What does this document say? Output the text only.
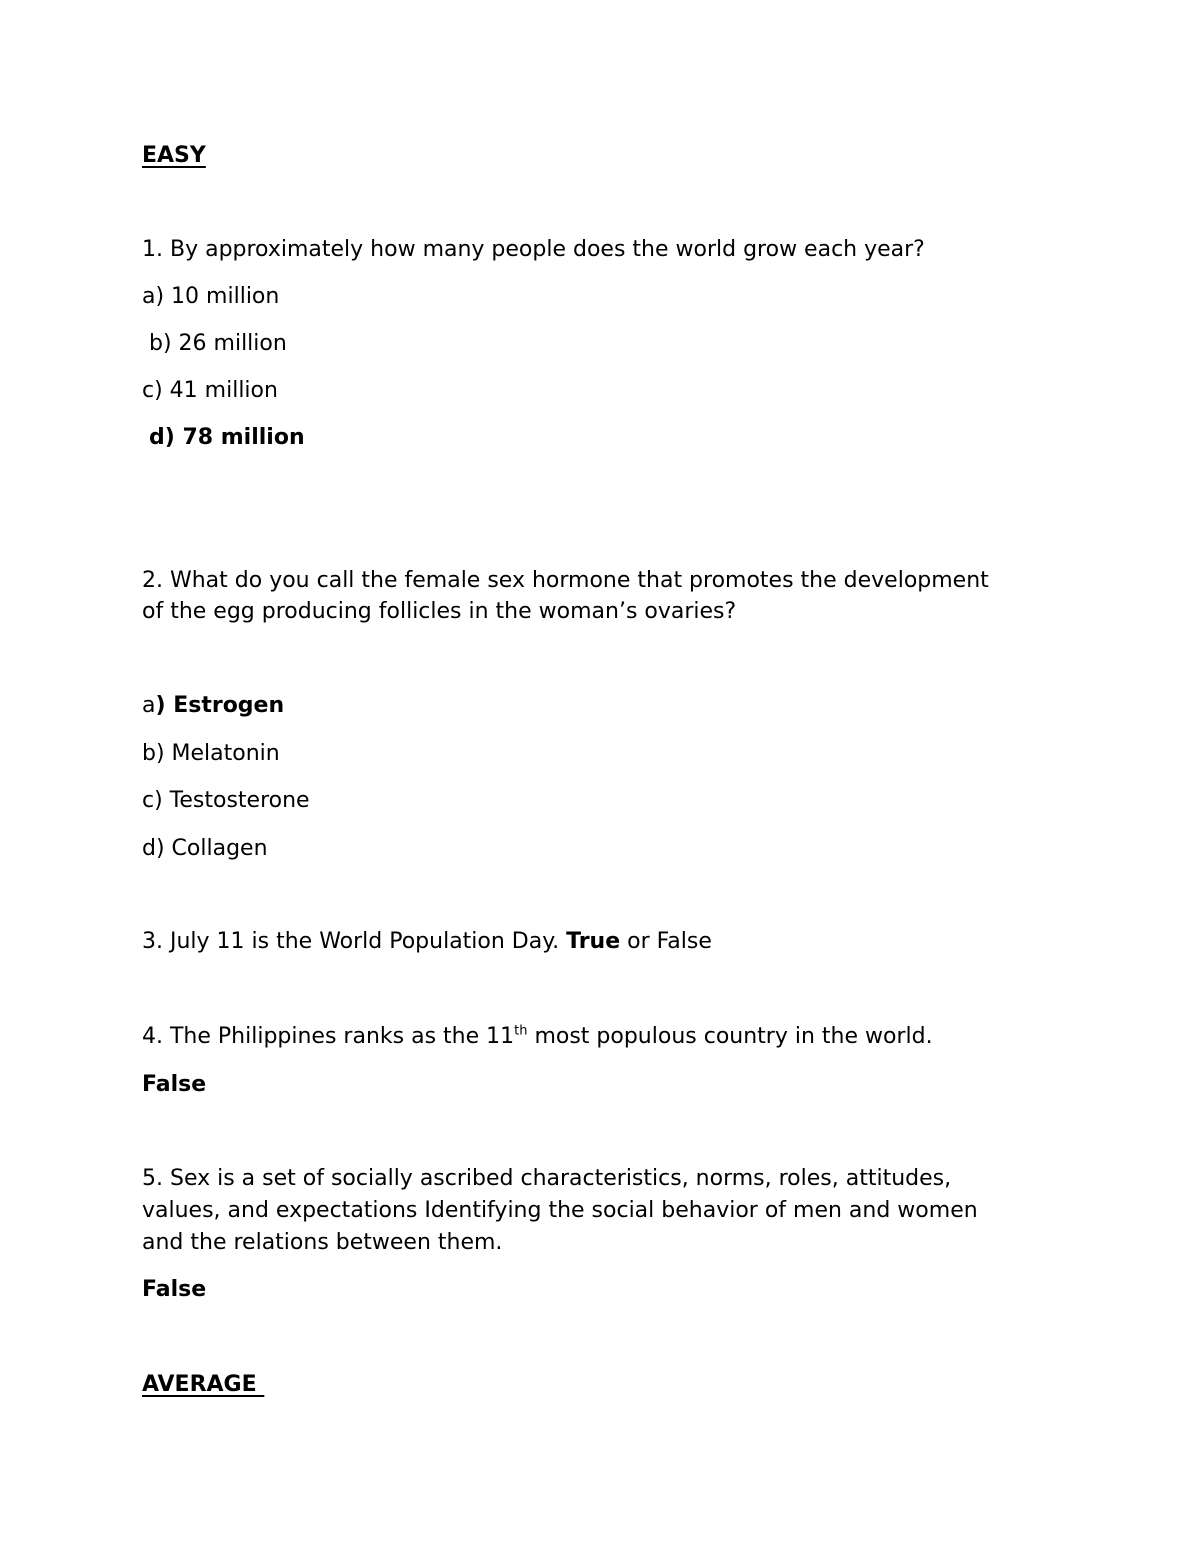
EASY
1. By approximately how many people does the world grow each year?
a) 10 million
b) 26 million
c) 41 million
d) 78 million
2. What do you call the female sex hormone that promotes the development
of the egg producing follicles in the woman’s ovaries?
a) Estrogen
b) Melatonin
c) Testosterone
d) Collagen
3. July 11 is the World Population Day. True or False
4. The Philippines ranks as the 11th most populous country in the world.
False
5. Sex is a set of socially ascribed characteristics, norms, roles, attitudes,
values, and expectations Identifying the social behavior of men and women
and the relations between them.
False
AVERAGE
